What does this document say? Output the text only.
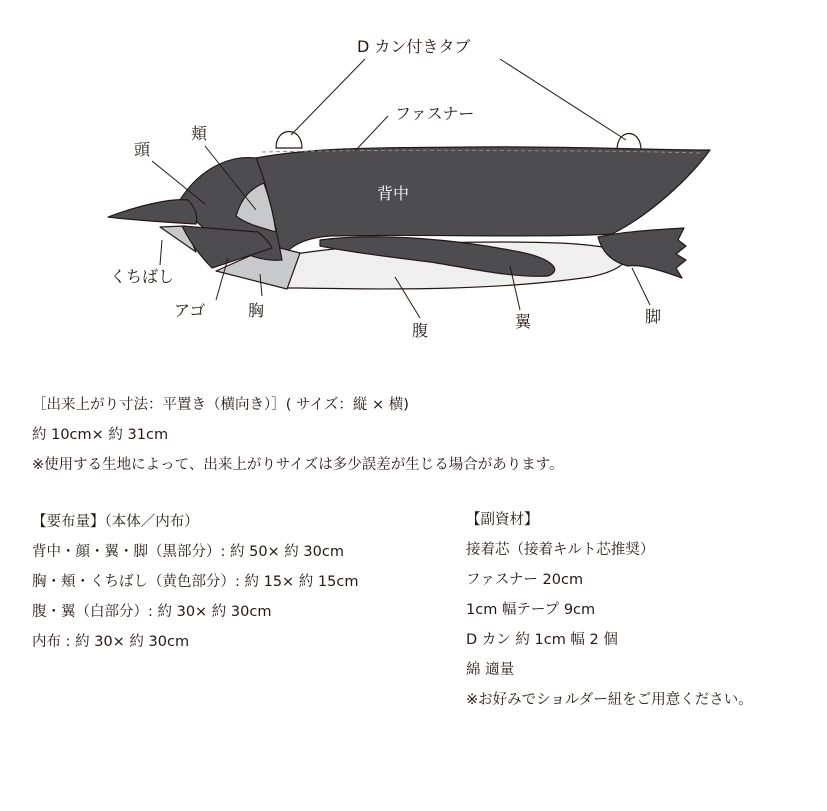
D カン付きタブ
ファスナー
背中
頭
頬
くちばし
アゴ	胸
腹	翼	脚
［出来上がり寸法：平置き（横向き）］( サイズ：縦 × 横)
約 10cm× 約 31cm
※使用する生地によって、出来上がりサイズは多少誤差が生じる場合があります。
【要布量】（本体／内布）
背中・顔・翼・脚（黒部分）: 約 50× 約 30cm
胸・頬・くちばし（黄色部分）: 約 15× 約 15cm
腹・翼（白部分）: 約 30× 約 30cm
内布 : 約 30× 約 30cm
【副資材】
接着芯（接着キルト芯推奨）
ファスナー 20cm
1cm 幅テープ 9cm
D カン 約 1cm 幅 2 個
綿 適量
※お好みでショルダー紐をご用意ください。
